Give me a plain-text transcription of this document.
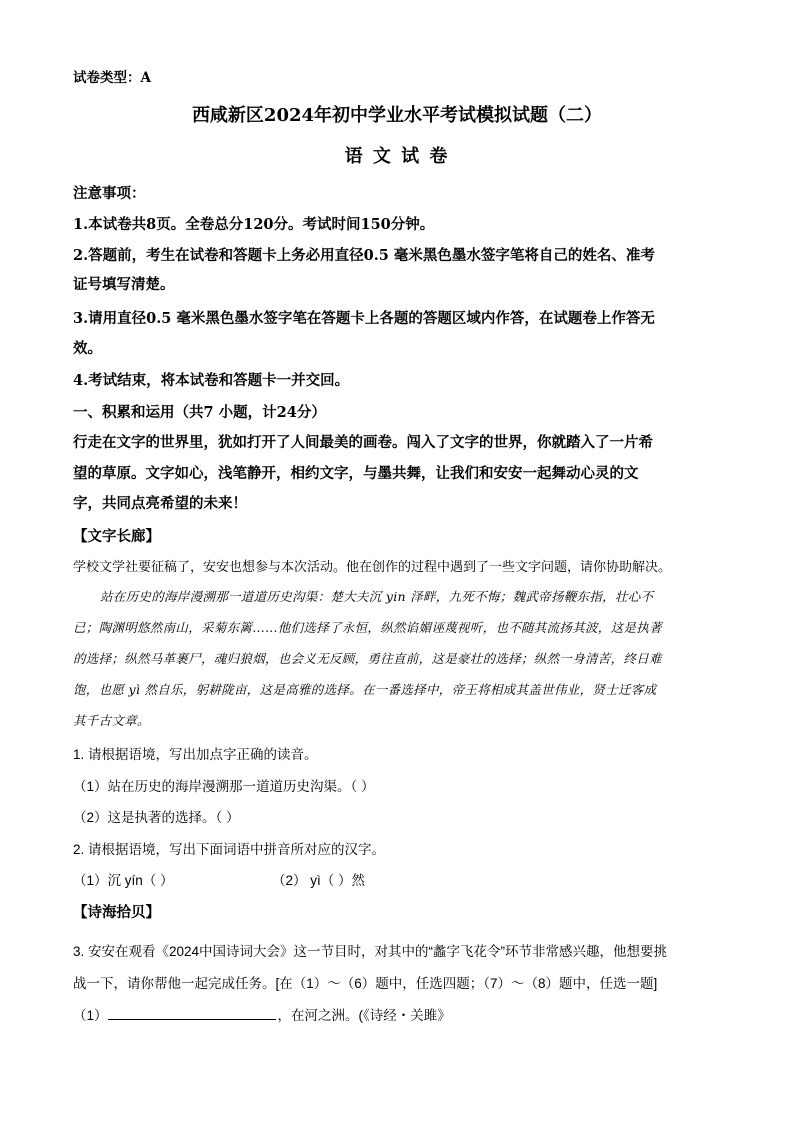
试卷类型：A
西咸新区2024年初中学业水平考试模拟试题（二）
语 文 试 卷
注意事项：
1.本试卷共8页。全卷总分120分。考试时间150分钟。
2.答题前，考生在试卷和答题卡上务必用直径0.5 毫米黑色墨水签字笔将自己的姓名、准考
证号填写清楚。
3.请用直径0.5 毫米黑色墨水签字笔在答题卡上各题的答题区域内作答，在试题卷上作答无
效。
4.考试结束，将本试卷和答题卡一并交回。
一、积累和运用（共7 小题，计24分）
行走在文字的世界里，犹如打开了人间最美的画卷。闯入了文字的世界，你就踏入了一片希
望的草原。文字如心，浅笔静开，相约文字，与墨共舞，让我们和安安一起舞动心灵的文
字，共同点亮希望的未来！
【文字长廊】
学校文学社要征稿了，安安也想参与本次活动。他在创作的过程中遇到了一些文字问题，请你协助解决。
站在历史的海岸漫溯那一道道历史沟渠：楚大夫沉 yin 泽畔，九死不悔；魏武帝扬鞭东指，壮心不
已；陶渊明悠然南山，采菊东篱……他们选择了永恒，纵然谄媚诬蔑视听，也不随其流扬其波，这是执著
的选择；纵然马革裹尸，魂归狼烟，也会义无反顾，勇往直前，这是豪壮的选择；纵然一身清苦，终日难
饱，也愿 yì 然自乐，躬耕陇亩，这是高雅的选择。在一番选择中，帝王将相成其盖世伟业，贤士迁客成
其千古文章。
1. 请根据语境，写出加点字正确的读音。
（1）站在历史的海岸漫溯那一道道历史沟渠。（ ）
（2）这是执著的选择。（ ）
2. 请根据语境，写出下面词语中拼音所对应的汉字。
（1）沉 yín（ ）	（2） yì（ ）然
【诗海拾贝】
3. 安安在观看《2024中国诗词大会》这一节目时，对其中的“蠡字飞花令”环节非常感兴趣，他想要挑
战一下，请你帮他一起完成任务。[在（1）～（6）题中，任选四题；（7）～（8）题中，任选一题]
（1）	，在河之洲。(《诗经・关雎》
